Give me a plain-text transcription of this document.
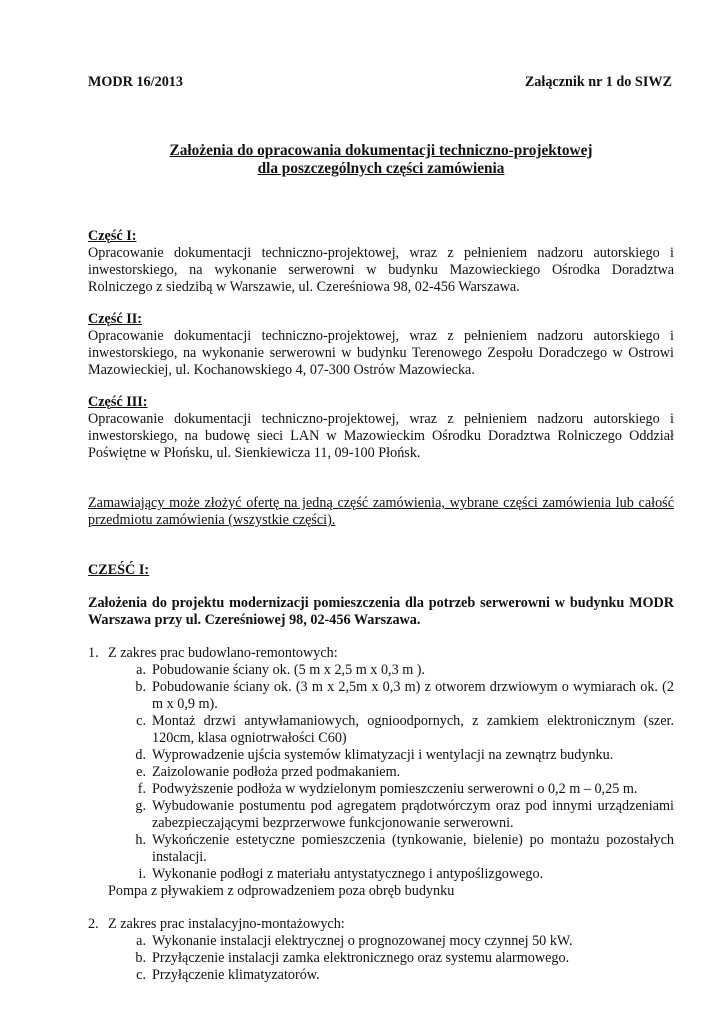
MODR 16/2013	Załącznik nr 1 do SIWZ
Założenia do opracowania dokumentacji techniczno-projektowej
dla poszczególnych części zamówienia
Część I:
Opracowanie dokumentacji techniczno-projektowej, wraz z pełnieniem nadzoru autorskiego i inwestorskiego, na wykonanie serwerowni w budynku Mazowieckiego Ośrodka Doradztwa Rolniczego z siedzibą w Warszawie, ul. Czereśniowa 98, 02-456 Warszawa.
Część II:
Opracowanie dokumentacji techniczno-projektowej, wraz z pełnieniem nadzoru autorskiego i inwestorskiego, na wykonanie serwerowni w budynku Terenowego Zespołu Doradczego w Ostrowi Mazowieckiej, ul. Kochanowskiego 4, 07-300 Ostrów Mazowiecka.
Część III:
Opracowanie dokumentacji techniczno-projektowej, wraz z pełnieniem nadzoru autorskiego i inwestorskiego, na budowę sieci LAN w Mazowieckim Ośrodku Doradztwa Rolniczego Oddział Poświętne w Płońsku, ul. Sienkiewicza 11, 09-100 Płońsk.
Zamawiający może złożyć ofertę na jedną część zamówienia, wybrane części zamówienia lub całość przedmiotu zamówienia (wszystkie części).
CZEŚĆ I:
Założenia do projektu modernizacji pomieszczenia dla potrzeb serwerowni w budynku MODR Warszawa przy ul. Czereśniowej 98, 02-456 Warszawa.
1. Z zakres prac budowlano-remontowych:
a. Pobudowanie ściany ok. (5 m x 2,5 m x 0,3 m ).
b. Pobudowanie ściany ok. (3 m x 2,5m x 0,3 m) z otworem drzwiowym o wymiarach ok. (2 m x 0,9 m).
c. Montaż drzwi antywłamaniowych, ognioodpornych, z zamkiem elektronicznym (szer. 120cm, klasa ogniotrwałości C60)
d. Wyprowadzenie ujścia systemów klimatyzacji i wentylacji na zewnątrz budynku.
e. Zaizolowanie podłoża przed podmakaniem.
f. Podwyższenie podłoża w wydzielonym pomieszczeniu serwerowni o 0,2 m – 0,25 m.
g. Wybudowanie postumentu pod agregatem prądotwórczym oraz pod innymi urządzeniami zabezpieczającymi bezprzerwowe funkcjonowanie serwerowni.
h. Wykończenie estetyczne pomieszczenia (tynkowanie, bielenie) po montażu pozostałych instalacji.
i. Wykonanie podłogi z materiału antystatycznego i antypoślizgowego.
Pompa z pływakiem z odprowadzeniem poza obręb budynku
2. Z zakres prac instalacyjno-montażowych:
a. Wykonanie instalacji elektrycznej o prognozowanej mocy czynnej 50 kW.
b. Przyłączenie instalacji zamka elektronicznego oraz systemu alarmowego.
c. Przyłączenie klimatyzatorów.
